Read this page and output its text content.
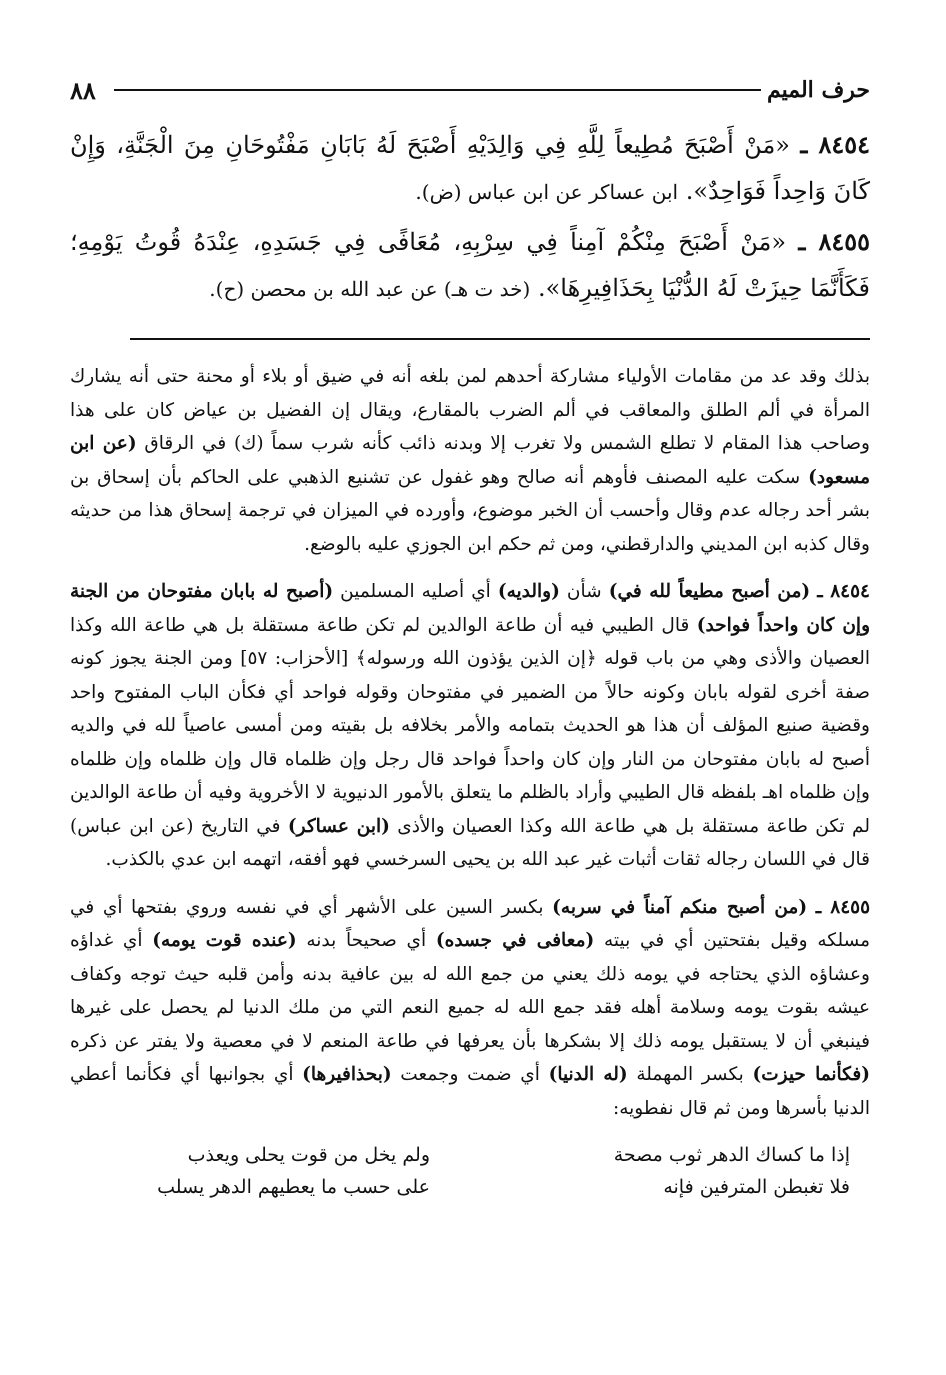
٨٨	حرف الميم

٨٤٥٤ ـ «مَنْ أَصْبَحَ مُطِيعاً لِلَّهِ فِي وَالِدَيْهِ أَصْبَحَ لَهُ بَابَانِ مَفْتُوحَانِ مِنَ الْجَنَّةِ، وَإِنْ كَانَ وَاحِداً فَوَاحِدٌ». ابن عساكر عن ابن عباس (ض).

٨٤٥٥ ـ «مَنْ أَصْبَحَ مِنْكُمْ آمِناً فِي سِرْبِهِ، مُعَافًى فِي جَسَدِهِ، عِنْدَهُ قُوتُ يَوْمِهِ؛ فَكَأَنَّمَا حِيزَتْ لَهُ الدُّنْيَا بِحَذَافِيرِهَا». (خد ت هـ) عن عبد الله بن محصن (ح).

بذلك وقد عد من مقامات الأولياء مشاركة أحدهم لمن بلغه أنه في ضيق أو بلاء أو محنة حتى أنه يشارك المرأة في ألم الطلق والمعاقب في ألم الضرب بالمقارع، ويقال إن الفضيل بن عياض كان على هذا وصاحب هذا المقام لا تطلع الشمس ولا تغرب إلا وبدنه ذائب كأنه شرب سماً (ك) في الرقاق (عن ابن مسعود) سكت عليه المصنف فأوهم أنه صالح وهو غفول عن تشنيع الذهبي على الحاكم بأن إسحاق بن بشر أحد رجاله عدم وقال وأحسب أن الخبر موضوع، وأورده في الميزان في ترجمة إسحاق هذا من حديثه وقال كذبه ابن المديني والدارقطني، ومن ثم حكم ابن الجوزي عليه بالوضع.

٨٤٥٤ ـ (من أصبح مطيعاً لله في) شأن (والديه) أي أصليه المسلمين (أصبح له بابان مفتوحان من الجنة وإن كان واحداً فواحد) قال الطيبي فيه أن طاعة الوالدين لم تكن طاعة مستقلة بل هي طاعة الله وكذا العصيان والأذى وهي من باب قوله ﴿إن الذين يؤذون الله ورسوله﴾ [الأحزاب: ٥٧] ومن الجنة يجوز كونه صفة أخرى لقوله بابان وكونه حالاً من الضمير في مفتوحان وقوله فواحد أي فكأن الباب المفتوح واحد وقضية صنيع المؤلف أن هذا هو الحديث بتمامه والأمر بخلافه بل بقيته ومن أمسى عاصياً لله في والديه أصبح له بابان مفتوحان من النار وإن كان واحداً فواحد قال رجل وإن ظلماه قال وإن ظلماه وإن ظلماه وإن ظلماه اهـ بلفظه قال الطيبي وأراد بالظلم ما يتعلق بالأمور الدنيوية لا الأخروية وفيه أن طاعة الوالدين لم تكن طاعة مستقلة بل هي طاعة الله وكذا العصيان والأذى (ابن عساكر) في التاريخ (عن ابن عباس) قال في اللسان رجاله ثقات أثبات غير عبد الله بن يحيى السرخسي فهو أفقه، اتهمه ابن عدي بالكذب.

٨٤٥٥ ـ (من أصبح منكم آمناً في سربه) بكسر السين على الأشهر أي في نفسه وروي بفتحها أي في مسلكه وقيل بفتحتين أي في بيته (معافى في جسده) أي صحيحاً بدنه (عنده قوت يومه) أي غداؤه وعشاؤه الذي يحتاجه في يومه ذلك يعني من جمع الله له بين عافية بدنه وأمن قلبه حيث توجه وكفاف عيشه بقوت يومه وسلامة أهله فقد جمع الله له جميع النعم التي من ملك الدنيا لم يحصل على غيرها فينبغي أن لا يستقبل يومه ذلك إلا بشكرها بأن يعرفها في طاعة المنعم لا في معصية ولا يفتر عن ذكره (فكأنما حيزت) بكسر المهملة (له الدنيا) أي ضمت وجمعت (بحذافيرها) أي بجوانبها أي فكأنما أعطي الدنيا بأسرها ومن ثم قال نفطويه:

إذا ما كساك الدهر ثوب مصحة
ولم يخل من قوت يحلى ويعذب
فلا تغبطن المترفين فإنه
على حسب ما يعطيهم الدهر يسلب
